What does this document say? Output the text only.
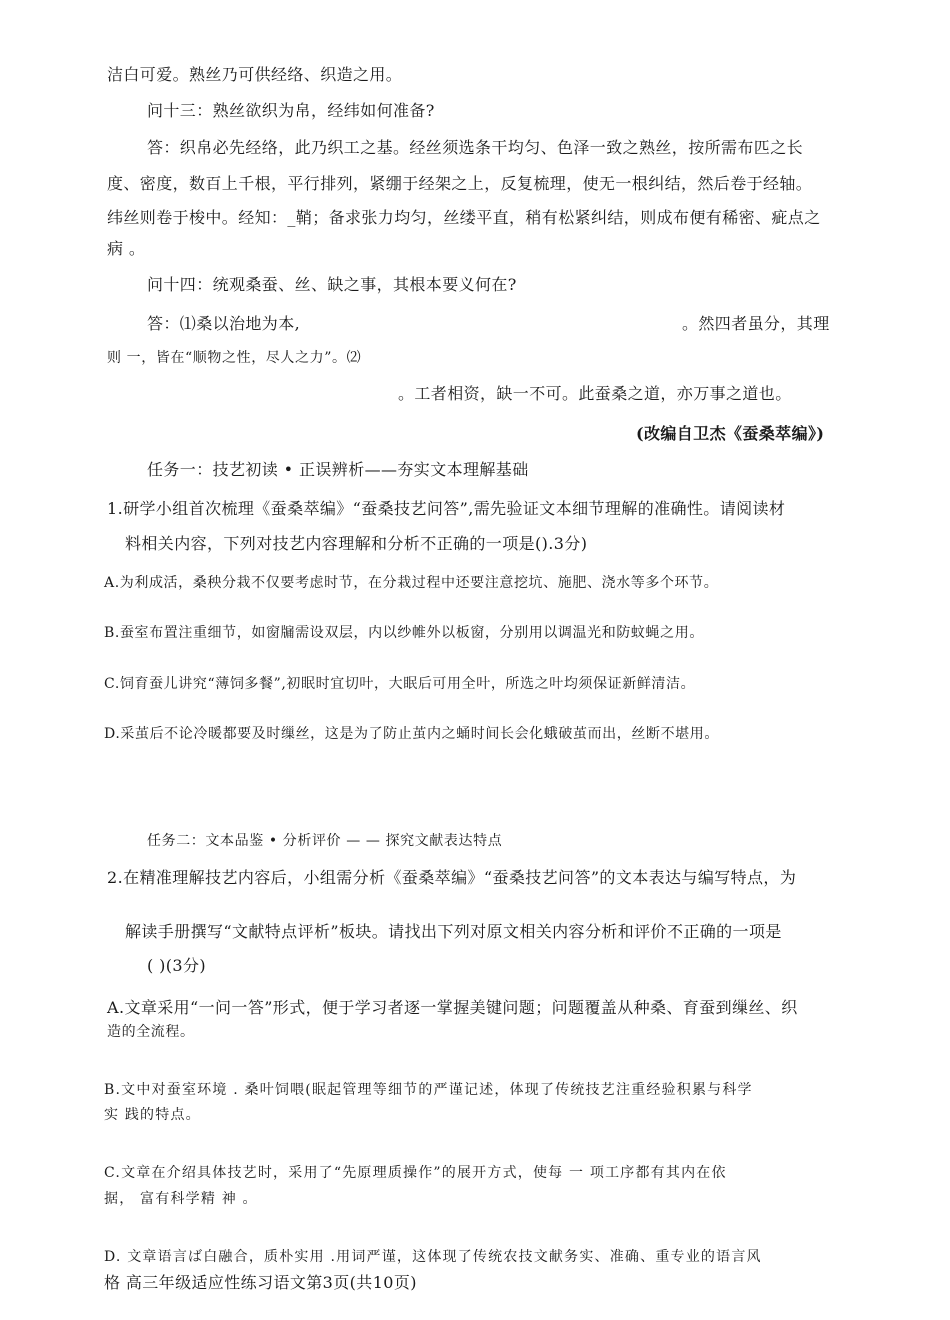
洁白可爱。熟丝乃可供经络、织造之用。
问十三：熟丝欲织为帛，经纬如何准备?
答：织帛必先经络，此乃织工之基。经丝须选条干均匀、色泽一致之熟丝，按所需布匹之长
度、密度，数百上千根，平行排列，紧绷于经架之上，反复梳理，使无一根纠结，然后卷于经轴。
纬丝则卷于梭中。经知：_鞘；备求张力均匀，丝缕平直，稍有松紧纠结，则成布便有稀密、疵点之
病 。
问十四：统观桑蚕、丝、缺之事，其根本要义何在?
答：⑴桑以治地为本,	。然四者虽分，其理
则 一，皆在“顺物之性，尽人之力”。⑵
。工者相资，缺一不可。此蚕桑之道，亦万事之道也。
(改编自卫杰《蚕桑萃编》)
任务一：技艺初读 • 正误辨析——夯实文本理解基础
1.研学小组首次梳理《蚕桑萃编》“蚕桑技艺问答”,需先验证文本细节理解的准确性。请阅读材
料相关内容，下列对技艺内容理解和分析不正确的一项是().3分)
A.为利成活，桑秧分栽不仅要考虑时节，在分栽过程中还要注意挖坑、施肥、浇水等多个环节。
B.蚕室布置注重细节，如窗牖需设双层，内以纱帷外以板窗，分别用以调温光和防蚊蝇之用。
C.饲育蚕儿讲究“薄饲多餐”,初眠时宜切叶，大眠后可用全叶，所选之叶均须保证新鲜清洁。
D.采茧后不论冷暖都要及时缫丝，这是为了防止茧内之蛹时间长会化蛾破茧而出，丝断不堪用。
任务二：文本品鉴 • 分析评价 — — 探究文献表达特点
2.在精准理解技艺内容后，小组需分析《蚕桑萃编》“蚕桑技艺问答”的文本表达与编写特点，为
解读手册撰写“文献特点评析”板块。请找出下列对原文相关内容分析和评价不正确的一项是
( )(3分)
A.文章采用“一问一答”形式，便于学习者逐一掌握美键问题；问题覆盖从种桑、育蚕到缫丝、织
造的全流程。
B.文中对蚕室环境 . 桑叶饲喂(眠起管理等细节的严谨记述，体现了传统技艺注重经验积累与科学
实 践的特点。
C.文章在介绍具体技艺时，采用了“先原理质操作”的展开方式，使每 一 项工序都有其内在依
据， 富有科学精 神 。
D. 文章语言ば白融合，质朴实用 .用词严谨，这体现了传统农技文献务实、准确、重专业的语言风
格 高三年级适应性练习语文第3页(共10页)
